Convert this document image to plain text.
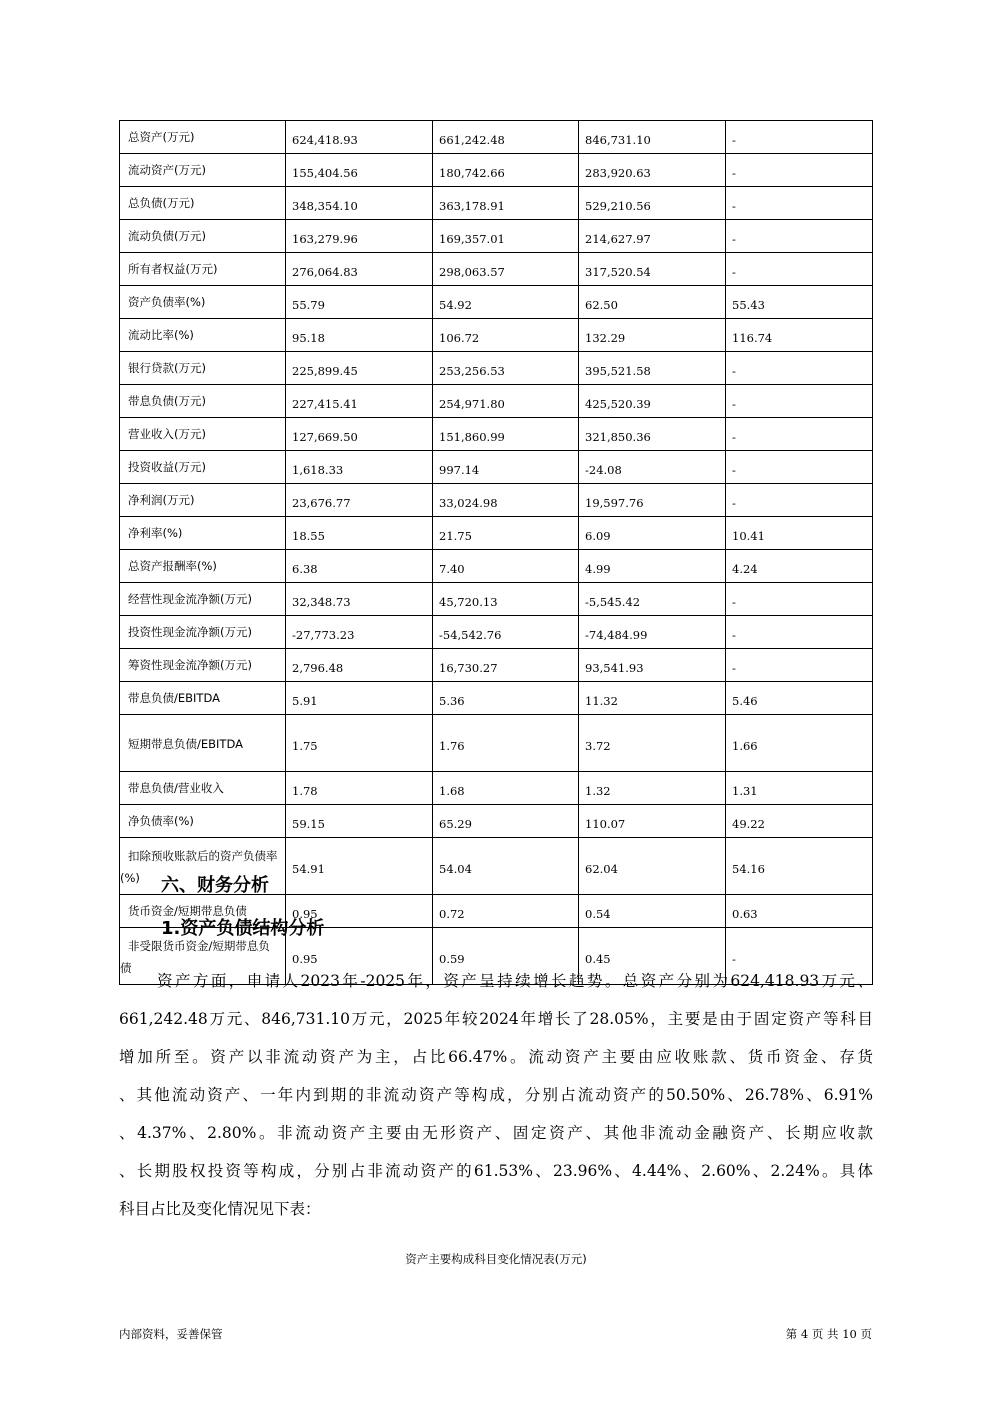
总资产(万元)	624,418.93	661,242.48	846,731.10	-
流动资产(万元)	155,404.56	180,742.66	283,920.63	-
总负债(万元)	348,354.10	363,178.91	529,210.56	-
流动负债(万元)	163,279.96	169,357.01	214,627.97	-
所有者权益(万元)	276,064.83	298,063.57	317,520.54	-
资产负债率(%)	55.79	54.92	62.50	55.43
流动比率(%)	95.18	106.72	132.29	116.74
银行贷款(万元)	225,899.45	253,256.53	395,521.58	-
带息负债(万元)	227,415.41	254,971.80	425,520.39	-
营业收入(万元)	127,669.50	151,860.99	321,850.36	-
投资收益(万元)	1,618.33	997.14	-24.08	-
净利润(万元)	23,676.77	33,024.98	19,597.76	-
净利率(%)	18.55	21.75	6.09	10.41
总资产报酬率(%)	6.38	7.40	4.99	4.24
经营性现金流净额(万元)	32,348.73	45,720.13	-5,545.42	-
投资性现金流净额(万元)	-27,773.23	-54,542.76	-74,484.99	-
筹资性现金流净额(万元)	2,796.48	16,730.27	93,541.93	-
带息负债/EBITDA	5.91	5.36	11.32	5.46
短期带息负债/EBITDA	1.75	1.76	3.72	1.66
带息负债/营业收入	1.78	1.68	1.32	1.31
净负债率(%)	59.15	65.29	110.07	49.22
扣除预收账款后的资产负债率(%)	54.91	54.04	62.04	54.16
货币资金/短期带息负债	0.95	0.72	0.54	0.63
非受限货币资金/短期带息负债	0.95	0.59	0.45	-
六、财务分析
1.资产负债结构分析
资产方面，申请人2023年-2025年，资产呈持续增长趋势。总资产分别为624,418.93万元、
661,242.48万元、846,731.10万元，2025年较2024年增长了28.05%，主要是由于固定资产等科目
增加所至。资产以非流动资产为主，占比66.47%。流动资产主要由应收账款、货币资金、存货
、其他流动资产、一年内到期的非流动资产等构成，分别占流动资产的50.50%、26.78%、6.91%
、4.37%、2.80%。非流动资产主要由无形资产、固定资产、其他非流动金融资产、长期应收款
、长期股权投资等构成，分别占非流动资产的61.53%、23.96%、4.44%、2.60%、2.24%。具体
科目占比及变化情况见下表：
资产主要构成科目变化情况表(万元)
内部资料，妥善保管	第 4 页 共 10 页
